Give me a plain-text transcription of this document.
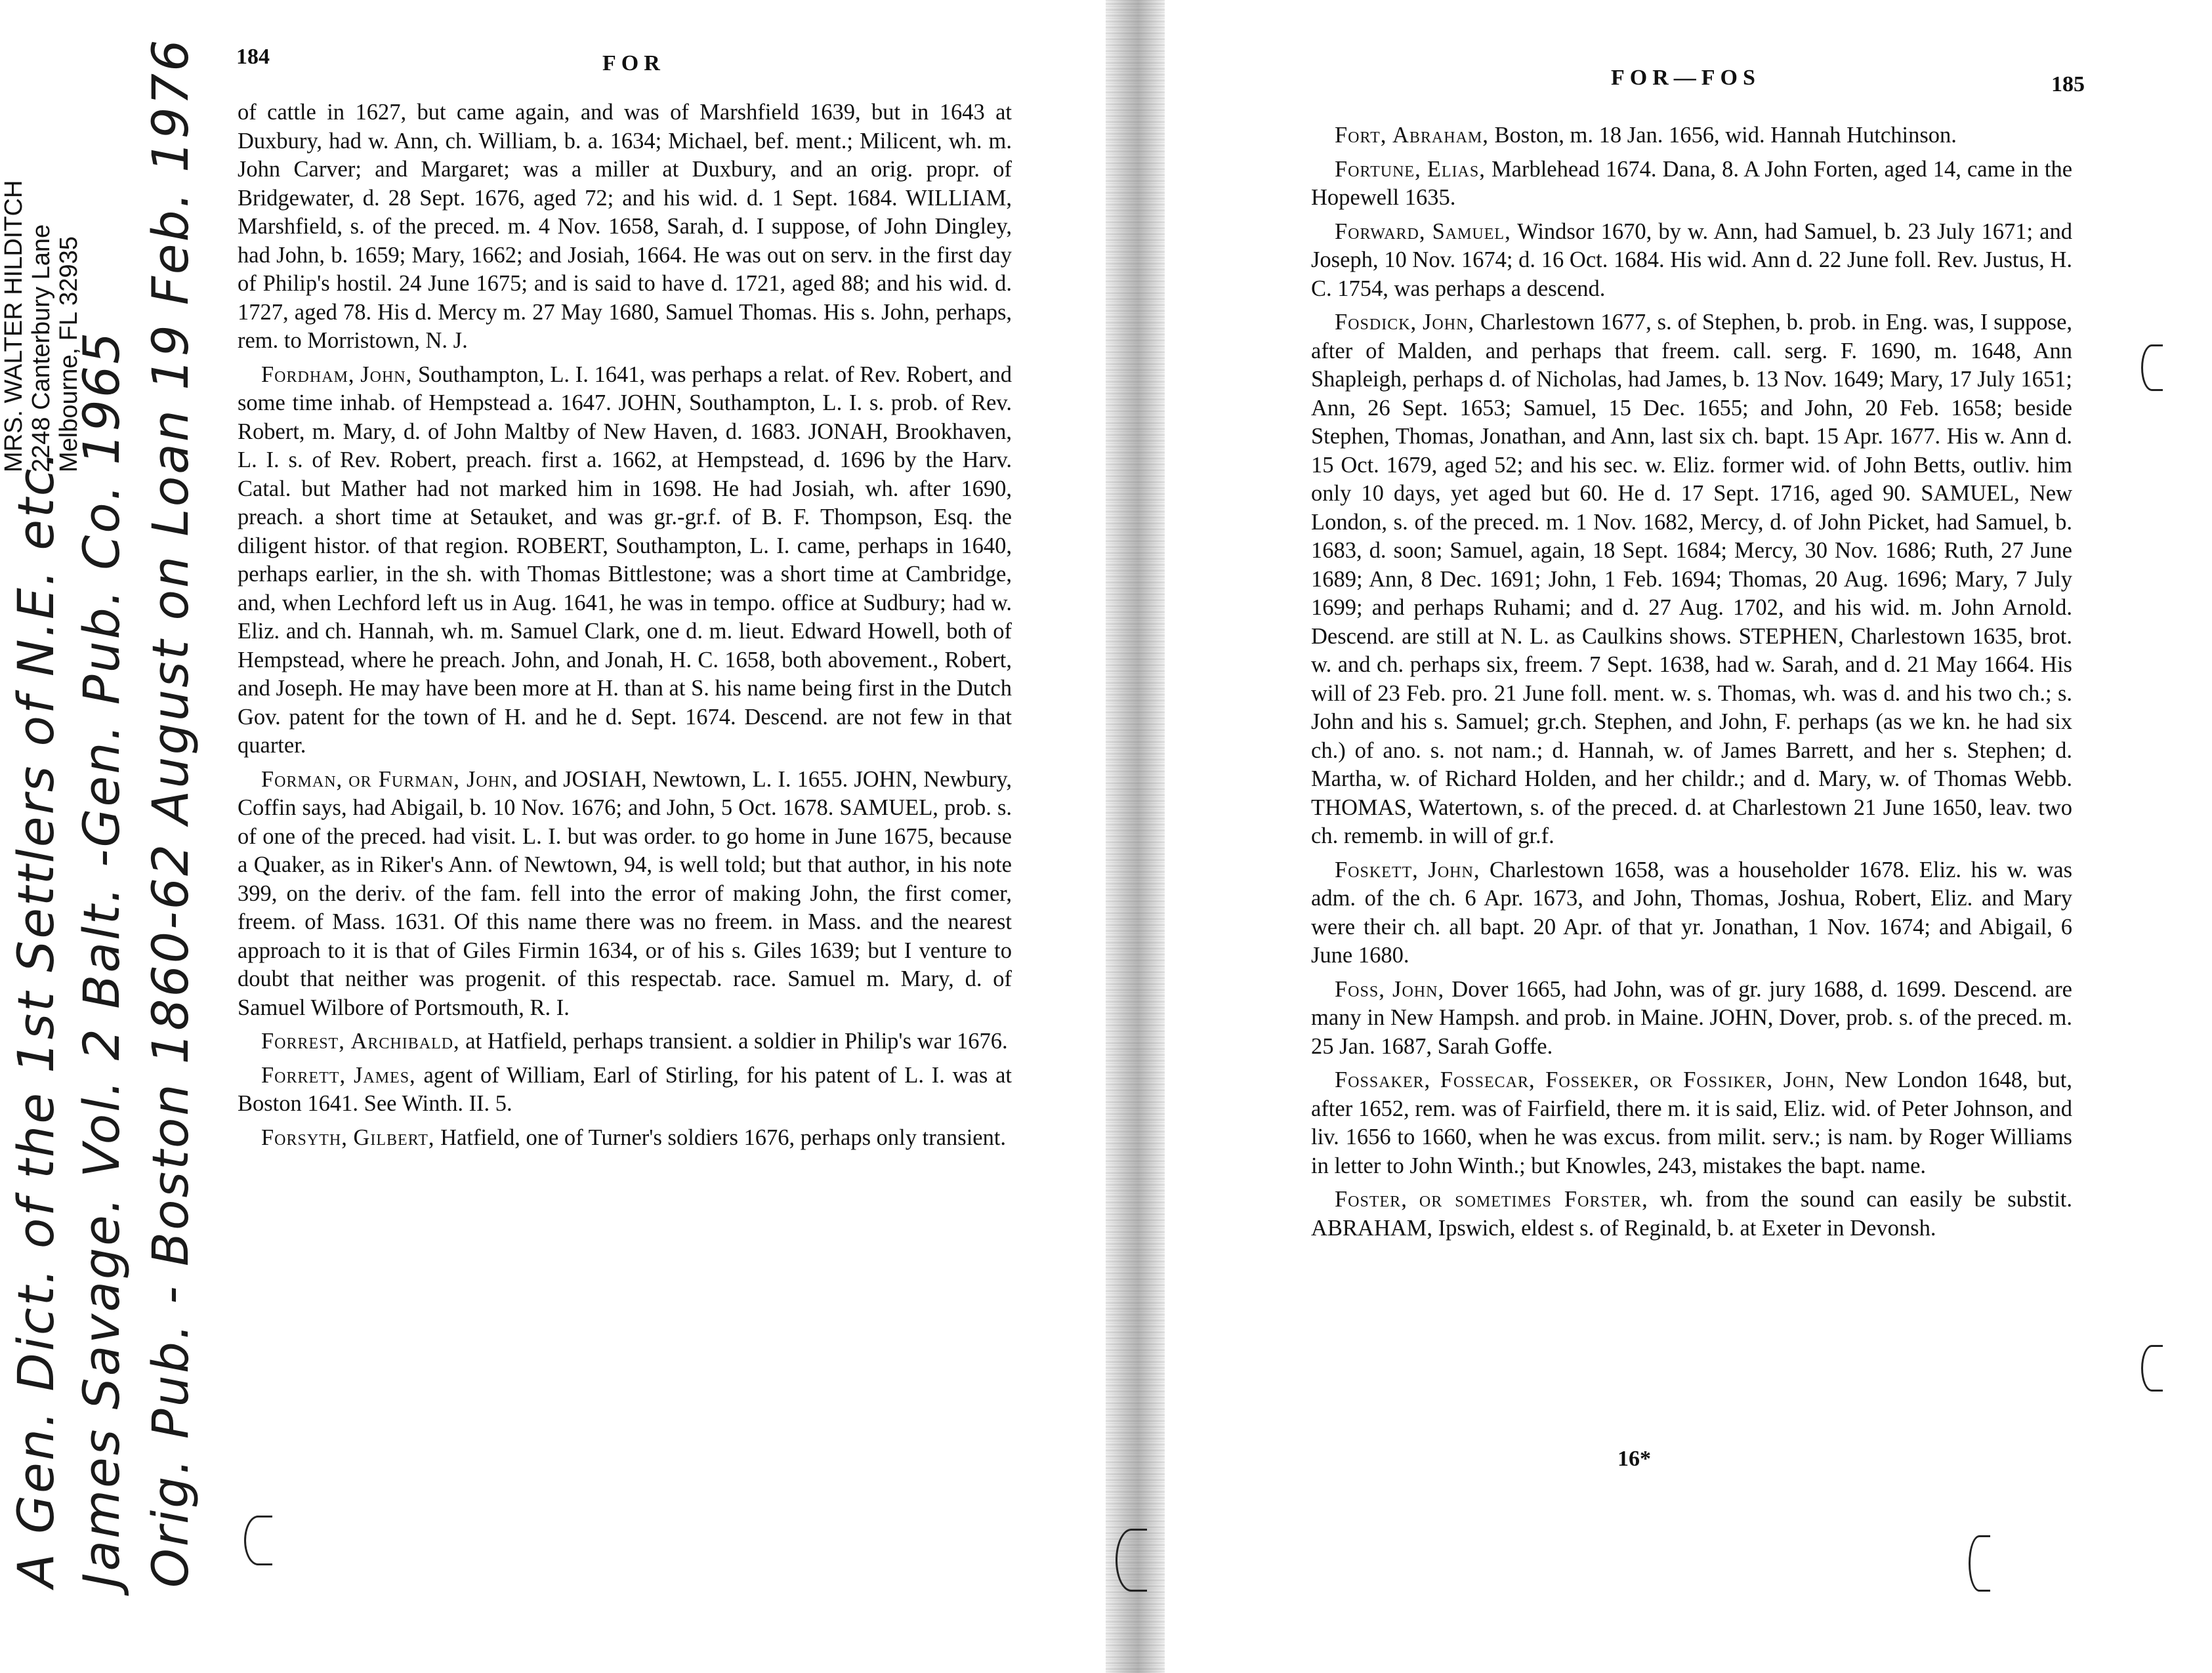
A Gen. Dict. of the 1st Settlers of N.E. etc. James Savage. Vol. 2 Balt. -Gen. Pub. Co. 1965 Orig. Pub. - Boston 1860-62 August on Loan 19 Feb. 1976
MRS. WALTER HILDITCH 2248 Canterbury Lane Melbourne, FL 32935
184	FOR

of cattle in 1627, but came again, and was of Marshfield 1639, but in 1643 at Duxbury, had w. Ann, ch. William, b. a. 1634; Michael, bef. ment.; Milicent, wh. m. John Carver; and Margaret; was a miller at Duxbury, and an orig. propr. of Bridgewater, d. 28 Sept. 1676, aged 72; and his wid. d. 1 Sept. 1684. WILLIAM, Marshfield, s. of the preced. m. 4 Nov. 1658, Sarah, d. I suppose, of John Dingley, had John, b. 1659; Mary, 1662; and Josiah, 1664. He was out on serv. in the first day of Philip's hostil. 24 June 1675; and is said to have d. 1721, aged 88; and his wid. d. 1727, aged 78. His d. Mercy m. 27 May 1680, Samuel Thomas. His s. John, perhaps, rem. to Morristown, N. J.

Fordham, John, Southampton, L. I. 1641, was perhaps a relat. of Rev. Robert, and some time inhab. of Hempstead a. 1647. JOHN, Southampton, L. I. s. prob. of Rev. Robert, m. Mary, d. of John Maltby of New Haven, d. 1683. JONAH, Brookhaven, L. I. s. of Rev. Robert, preach. first a. 1662, at Hempstead, d. 1696 by the Harv. Catal. but Mather had not marked him in 1698. He had Josiah, wh. after 1690, preach. a short time at Setauket, and was gr.-gr.f. of B. F. Thompson, Esq. the diligent histor. of that region. ROBERT, Southampton, L. I. came, perhaps in 1640, perhaps earlier, in the sh. with Thomas Bittlestone; was a short time at Cambridge, and, when Lechford left us in Aug. 1641, he was in tempo. office at Sudbury; had w. Eliz. and ch. Hannah, wh. m. Samuel Clark, one d. m. lieut. Edward Howell, both of Hempstead, where he preach. John, and Jonah, H. C. 1658, both abovement., Robert, and Joseph. He may have been more at H. than at S. his name being first in the Dutch Gov. patent for the town of H. and he d. Sept. 1674. Descend. are not few in that quarter.

Forman, or Furman, John, and JOSIAH, Newtown, L. I. 1655. JOHN, Newbury, Coffin says, had Abigail, b. 10 Nov. 1676; and John, 5 Oct. 1678. SAMUEL, prob. s. of one of the preced. had visit. L. I. but was order. to go home in June 1675, because a Quaker, as in Riker's Ann. of Newtown, 94, is well told; but that author, in his note 399, on the deriv. of the fam. fell into the error of making John, the first comer, freem. of Mass. 1631. Of this name there was no freem. in Mass. and the nearest approach to it is that of Giles Firmin 1634, or of his s. Giles 1639; but I venture to doubt that neither was progenit. of this respectab. race. Samuel m. Mary, d. of Samuel Wilbore of Portsmouth, R. I.

Forrest, Archibald, at Hatfield, perhaps transient. a soldier in Philip's war 1676.

Forrett, James, agent of William, Earl of Stirling, for his patent of L. I. was at Boston 1641. See Winth. II. 5.

Forsyth, Gilbert, Hatfield, one of Turner's soldiers 1676, perhaps only transient.

FOR—FOS	185

Fort, Abraham, Boston, m. 18 Jan. 1656, wid. Hannah Hutchinson.

Fortune, Elias, Marblehead 1674. Dana, 8. A John Forten, aged 14, came in the Hopewell 1635.

Forward, Samuel, Windsor 1670, by w. Ann, had Samuel, b. 23 July 1671; and Joseph, 10 Nov. 1674; d. 16 Oct. 1684. His wid. Ann d. 22 June foll. Rev. Justus, H. C. 1754, was perhaps a descend.

Fosdick, John, Charlestown 1677, s. of Stephen, b. prob. in Eng. was, I suppose, after of Malden, and perhaps that freem. call. serg. F. 1690, m. 1648, Ann Shapleigh, perhaps d. of Nicholas, had James, b. 13 Nov. 1649; Mary, 17 July 1651; Ann, 26 Sept. 1653; Samuel, 15 Dec. 1655; and John, 20 Feb. 1658; beside Stephen, Thomas, Jonathan, and Ann, last six ch. bapt. 15 Apr. 1677. His w. Ann d. 15 Oct. 1679, aged 52; and his sec. w. Eliz. former wid. of John Betts, outliv. him only 10 days, yet aged but 60. He d. 17 Sept. 1716, aged 90. SAMUEL, New London, s. of the preced. m. 1 Nov. 1682, Mercy, d. of John Picket, had Samuel, b. 1683, d. soon; Samuel, again, 18 Sept. 1684; Mercy, 30 Nov. 1686; Ruth, 27 June 1689; Ann, 8 Dec. 1691; John, 1 Feb. 1694; Thomas, 20 Aug. 1696; Mary, 7 July 1699; and perhaps Ruhami; and d. 27 Aug. 1702, and his wid. m. John Arnold. Descend. are still at N. L. as Caulkins shows. STEPHEN, Charlestown 1635, brot. w. and ch. perhaps six, freem. 7 Sept. 1638, had w. Sarah, and d. 21 May 1664. His will of 23 Feb. pro. 21 June foll. ment. w. s. Thomas, wh. was d. and his two ch.; s. John and his s. Samuel; gr.ch. Stephen, and John, F. perhaps (as we kn. he had six ch.) of ano. s. not nam.; d. Hannah, w. of James Barrett, and her s. Stephen; d. Martha, w. of Richard Holden, and her childr.; and d. Mary, w. of Thomas Webb. THOMAS, Watertown, s. of the preced. d. at Charlestown 21 June 1650, leav. two ch. rememb. in will of gr.f.

Foskett, John, Charlestown 1658, was a householder 1678. Eliz. his w. was adm. of the ch. 6 Apr. 1673, and John, Thomas, Joshua, Robert, Eliz. and Mary were their ch. all bapt. 20 Apr. of that yr. Jonathan, 1 Nov. 1674; and Abigail, 6 June 1680.

Foss, John, Dover 1665, had John, was of gr. jury 1688, d. 1699. Descend. are many in New Hampsh. and prob. in Maine. JOHN, Dover, prob. s. of the preced. m. 25 Jan. 1687, Sarah Goffe.

Fossaker, Fossecar, Fosseker, or Fossiker, John, New London 1648, but, after 1652, rem. was of Fairfield, there m. it is said, Eliz. wid. of Peter Johnson, and liv. 1656 to 1660, when he was excus. from milit. serv.; is nam. by Roger Williams in letter to John Winth.; but Knowles, 243, mistakes the bapt. name.

Foster, or sometimes Forster, wh. from the sound can easily be substit. ABRAHAM, Ipswich, eldest s. of Reginald, b. at Exeter in Devonsh.

16*
